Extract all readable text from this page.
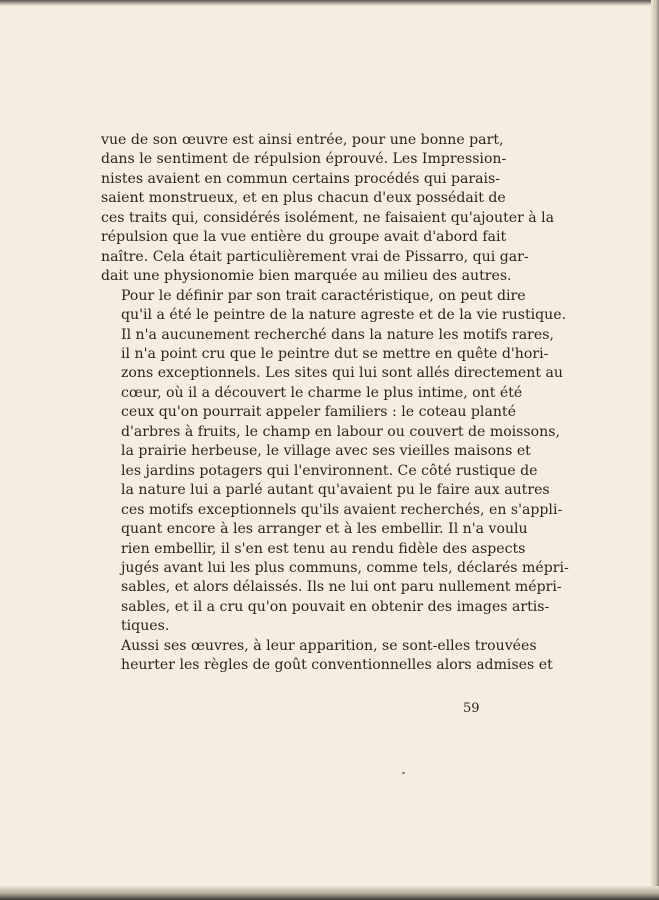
vue de son œuvre est ainsi entrée, pour une bonne part,
dans le sentiment de répulsion éprouvé. Les Impression-
nistes avaient en commun certains procédés qui parais-
saient monstrueux, et en plus chacun d'eux possédait de
ces traits qui, considérés isolément, ne faisaient qu'ajouter à la
répulsion que la vue entière du groupe avait d'abord fait
naître. Cela était particulièrement vrai de Pissarro, qui gar-
dait une physionomie bien marquée au milieu des autres.

Pour le définir par son trait caractéristique, on peut dire
qu'il a été le peintre de la nature agreste et de la vie rustique.
Il n'a aucunement recherché dans la nature les motifs rares,
il n'a point cru que le peintre dut se mettre en quête d'hori-
zons exceptionnels. Les sites qui lui sont allés directement au
cœur, où il a découvert le charme le plus intime, ont été
ceux qu'on pourrait appeler familiers : le coteau planté
d'arbres à fruits, le champ en labour ou couvert de moissons,
la prairie herbeuse, le village avec ses vieilles maisons et
les jardins potagers qui l'environnent. Ce côté rustique de
la nature lui a parlé autant qu'avaient pu le faire aux autres
ces motifs exceptionnels qu'ils avaient recherchés, en s'appli-
quant encore à les arranger et à les embellir. Il n'a voulu
rien embellir, il s'en est tenu au rendu fidèle des aspects
jugés avant lui les plus communs, comme tels, déclarés mépri-
sables, et alors délaissés. Ils ne lui ont paru nullement mépri-
sables, et il a cru qu'on pouvait en obtenir des images artis-
tiques.

Aussi ses œuvres, à leur apparition, se sont-elles trouvées
heurter les règles de goût conventionnelles alors admises et

59
